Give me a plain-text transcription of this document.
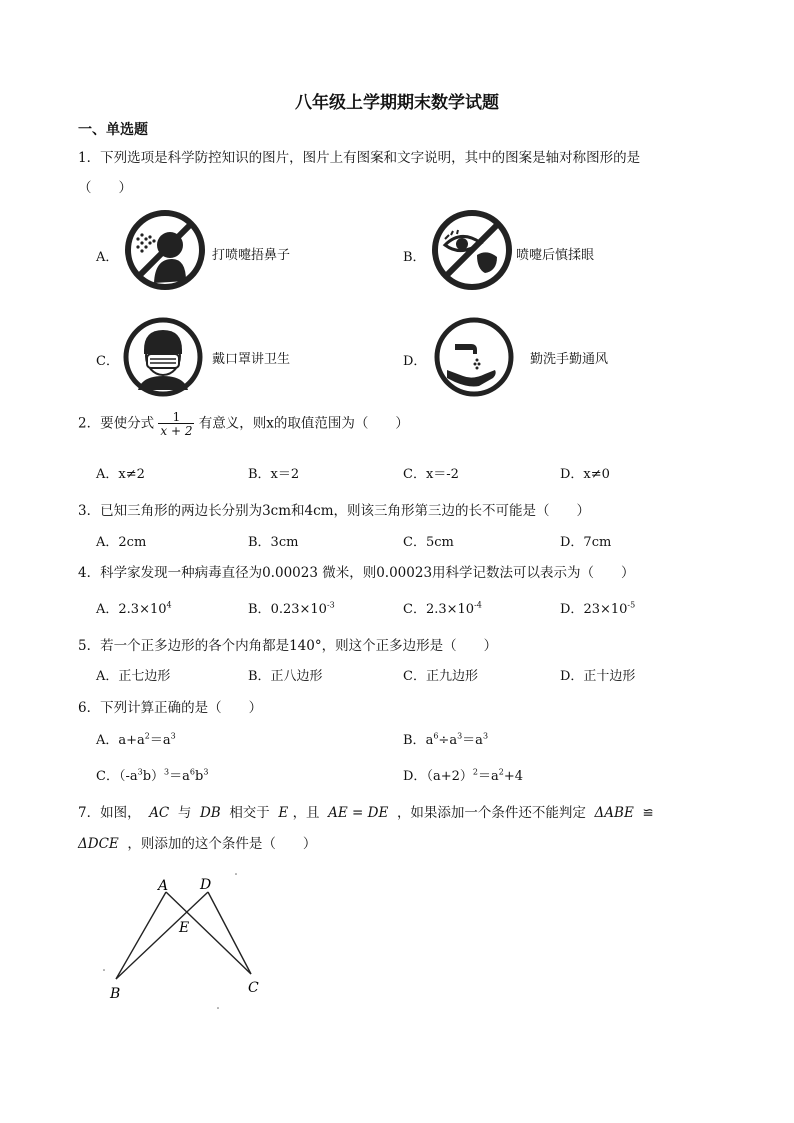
八年级上学期期末数学试题
一、单选题
1．下列选项是科学防控知识的图片，图片上有图案和文字说明，其中的图案是轴对称图形的是
（　　）
A．	打喷嚏捂鼻子	B．	喷嚏后慎揉眼
C．	戴口罩讲卫生	D．	勤洗手勤通风
2．要使分式 $\frac{1}{x + 2}$ 有意义，则x的取值范围为（　　）
A．x≠2	B．x＝2	C．x＝-2	D．x≠0
3．已知三角形的两边长分别为3cm和4cm，则该三角形第三边的长不可能是（　　）
A．2cm	B．3cm	C．5cm	D．7cm
4．科学家发现一种病毒直径为0.00023 微米，则0.00023用科学记数法可以表示为（　　）
A．$2.3\times 10^4$	B．$0.23\times 10^{-3}$	C．$2.3\times 10^{-4}$	D．$23\times 10^{-5}$
5．若一个正多边形的各个内角都是140°，则这个正多边形是（　　）
A．正七边形	B．正八边形	C．正九边形	D．正十边形
6．下列计算正确的是（　　）
A．$a+a^2=a^3$	B．$a^6\div a^3=a^3$
C．$(-a^3b)^3=a^6b^3$	D．$(a+2)^2=a^2+4$
7．如图， AC 与 DB 相交于 E ，且 AE = DE ，如果添加一个条件还不能判定 ΔABE ≌
ΔDCE ，则添加的这个条件是（　　）
A D
E
B	C
